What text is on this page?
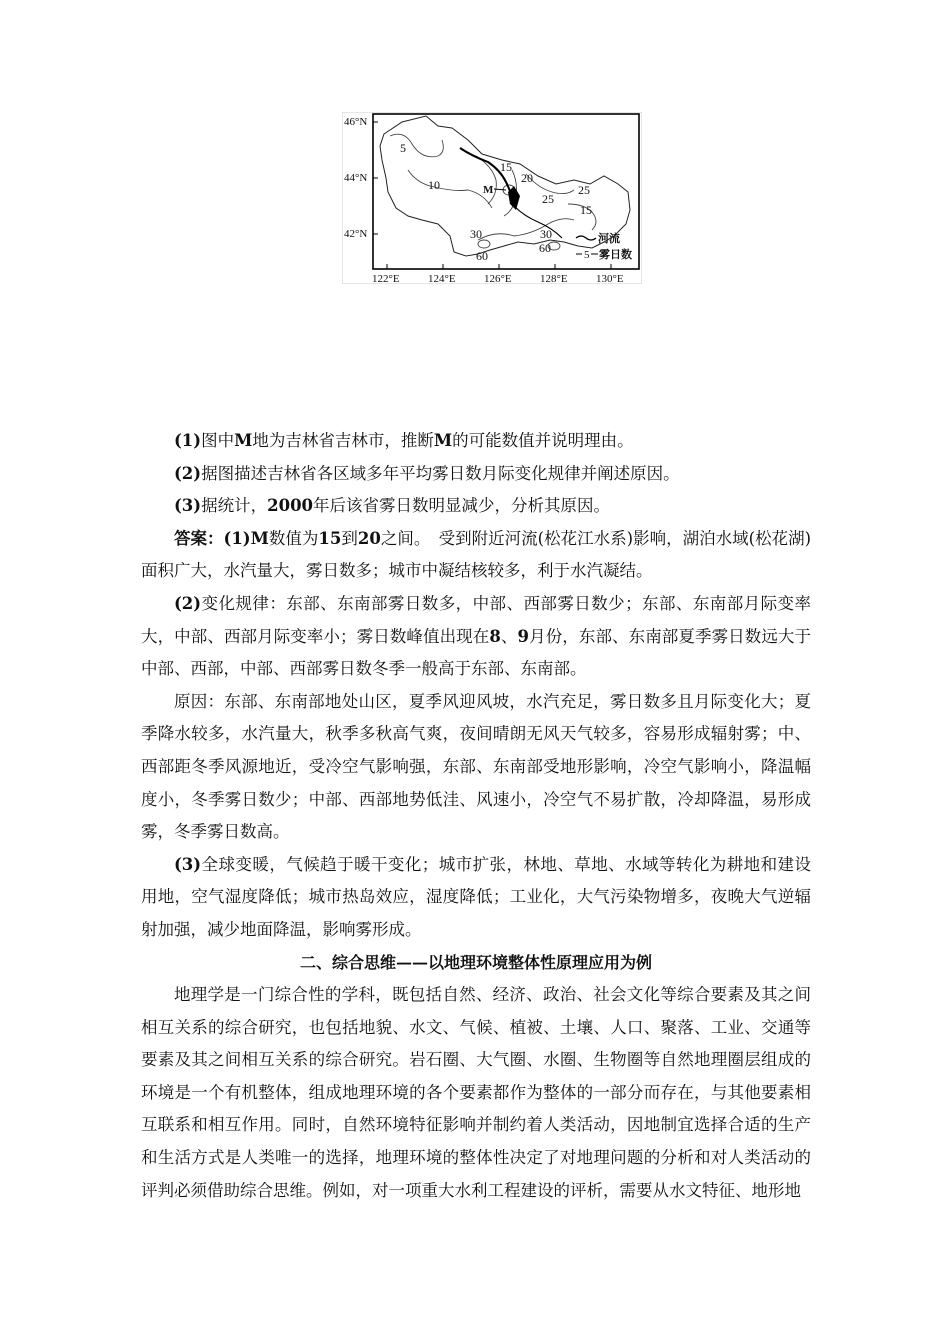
46°N
44°N
42°N
122°E	124°E	126°E	128°E	130°E
5
10
15
20
25
25
15
30	30
60
60
M
河流
5 雾日数

(1)图中M地为吉林省吉林市，推断M的可能数值并说明理由。

(2)据图描述吉林省各区域多年平均雾日数月际变化规律并阐述原因。

(3)据统计，2000年后该省雾日数明显减少，分析其原因。

答案：(1)M数值为15到20之间。　受到附近河流(松花江水系)影响，湖泊水域(松花湖)面积广大，水汽量大，雾日数多；城市中凝结核较多，利于水汽凝结。

(2)变化规律：东部、东南部雾日数多，中部、西部雾日数少；东部、东南部月际变率大，中部、西部月际变率小；雾日数峰值出现在8、9月份，东部、东南部夏季雾日数远大于中部、西部，中部、西部雾日数冬季一般高于东部、东南部。

原因：东部、东南部地处山区，夏季风迎风坡，水汽充足，雾日数多且月际变化大；夏季降水较多，水汽量大，秋季多秋高气爽，夜间晴朗无风天气较多，容易形成辐射雾；中、西部距冬季风源地近，受冷空气影响强，东部、东南部受地形影响，冷空气影响小，降温幅度小，冬季雾日数少；中部、西部地势低洼、风速小，冷空气不易扩散，冷却降温，易形成雾，冬季雾日数高。

(3)全球变暖，气候趋于暖干变化；城市扩张，林地、草地、水域等转化为耕地和建设用地，空气湿度降低；城市热岛效应，湿度降低；工业化，大气污染物增多，夜晚大气逆辐射加强，减少地面降温，影响雾形成。

二、综合思维——以地理环境整体性原理应用为例

地理学是一门综合性的学科，既包括自然、经济、政治、社会文化等综合要素及其之间相互关系的综合研究，也包括地貌、水文、气候、植被、土壤、人口、聚落、工业、交通等要素及其之间相互关系的综合研究。岩石圈、大气圈、水圈、生物圈等自然地理圈层组成的环境是一个有机整体，组成地理环境的各个要素都作为整体的一部分而存在，与其他要素相互联系和相互作用。同时，自然环境特征影响并制约着人类活动，因地制宜选择合适的生产和生活方式是人类唯一的选择，地理环境的整体性决定了对地理问题的分析和对人类活动的评判必须借助综合思维。例如，对一项重大水利工程建设的评析，需要从水文特征、地形地
